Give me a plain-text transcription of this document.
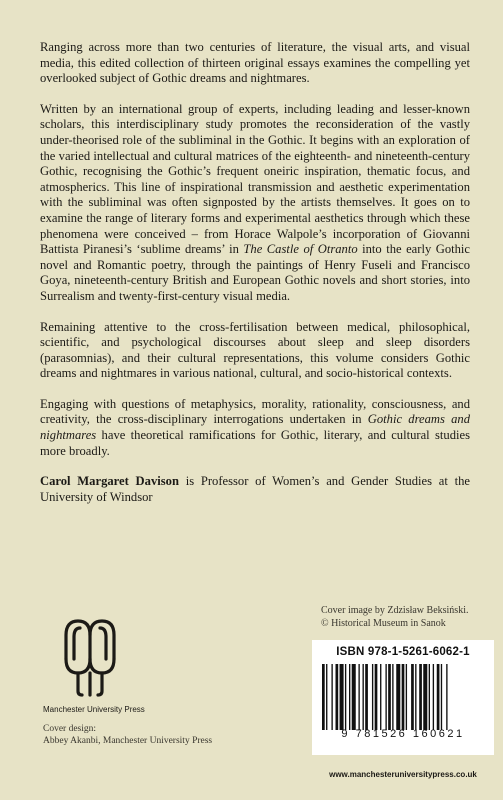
Ranging across more than two centuries of literature, the visual arts, and visual media, this edited collection of thirteen original essays examines the compelling yet overlooked subject of Gothic dreams and nightmares.

Written by an international group of experts, including leading and lesser-known scholars, this interdisciplinary study promotes the reconsideration of the vastly under-theorised role of the subliminal in the Gothic. It begins with an exploration of the varied intellectual and cultural matrices of the eighteenth- and nineteenth-century Gothic, recognising the Gothic’s frequent oneiric inspiration, thematic focus, and atmospherics. This line of inspirational transmission and aesthetic experimentation with the subliminal was often signposted by the artists themselves. It goes on to examine the range of literary forms and experimental aesthetics through which these phenomena were conceived – from Horace Walpole’s incorporation of Giovanni Battista Piranesi’s ‘sublime dreams’ in The Castle of Otranto into the early Gothic novel and Romantic poetry, through the paintings of Henry Fuseli and Francisco Goya, nineteenth-century British and European Gothic novels and short stories, into Surrealism and twenty-first-century visual media.

Remaining attentive to the cross-fertilisation between medical, philosophical, scientific, and psychological discourses about sleep and sleep disorders (parasomnias), and their cultural representations, this volume considers Gothic dreams and nightmares in various national, cultural, and socio-historical contexts.

Engaging with questions of metaphysics, morality, rationality, consciousness, and creativity, the cross-disciplinary interrogations undertaken in Gothic dreams and nightmares have theoretical ramifications for Gothic, literary, and cultural studies more broadly.

Carol Margaret Davison is Professor of Women’s and Gender Studies at the University of Windsor

Cover image by Zdzisław Beksiński.
© Historical Museum in Sanok
Manchester University Press
Cover design:
Abbey Akanbi, Manchester University Press
ISBN 978-1-5261-6062-1
9 781526 160621
www.manchesteruniversitypress.co.uk
